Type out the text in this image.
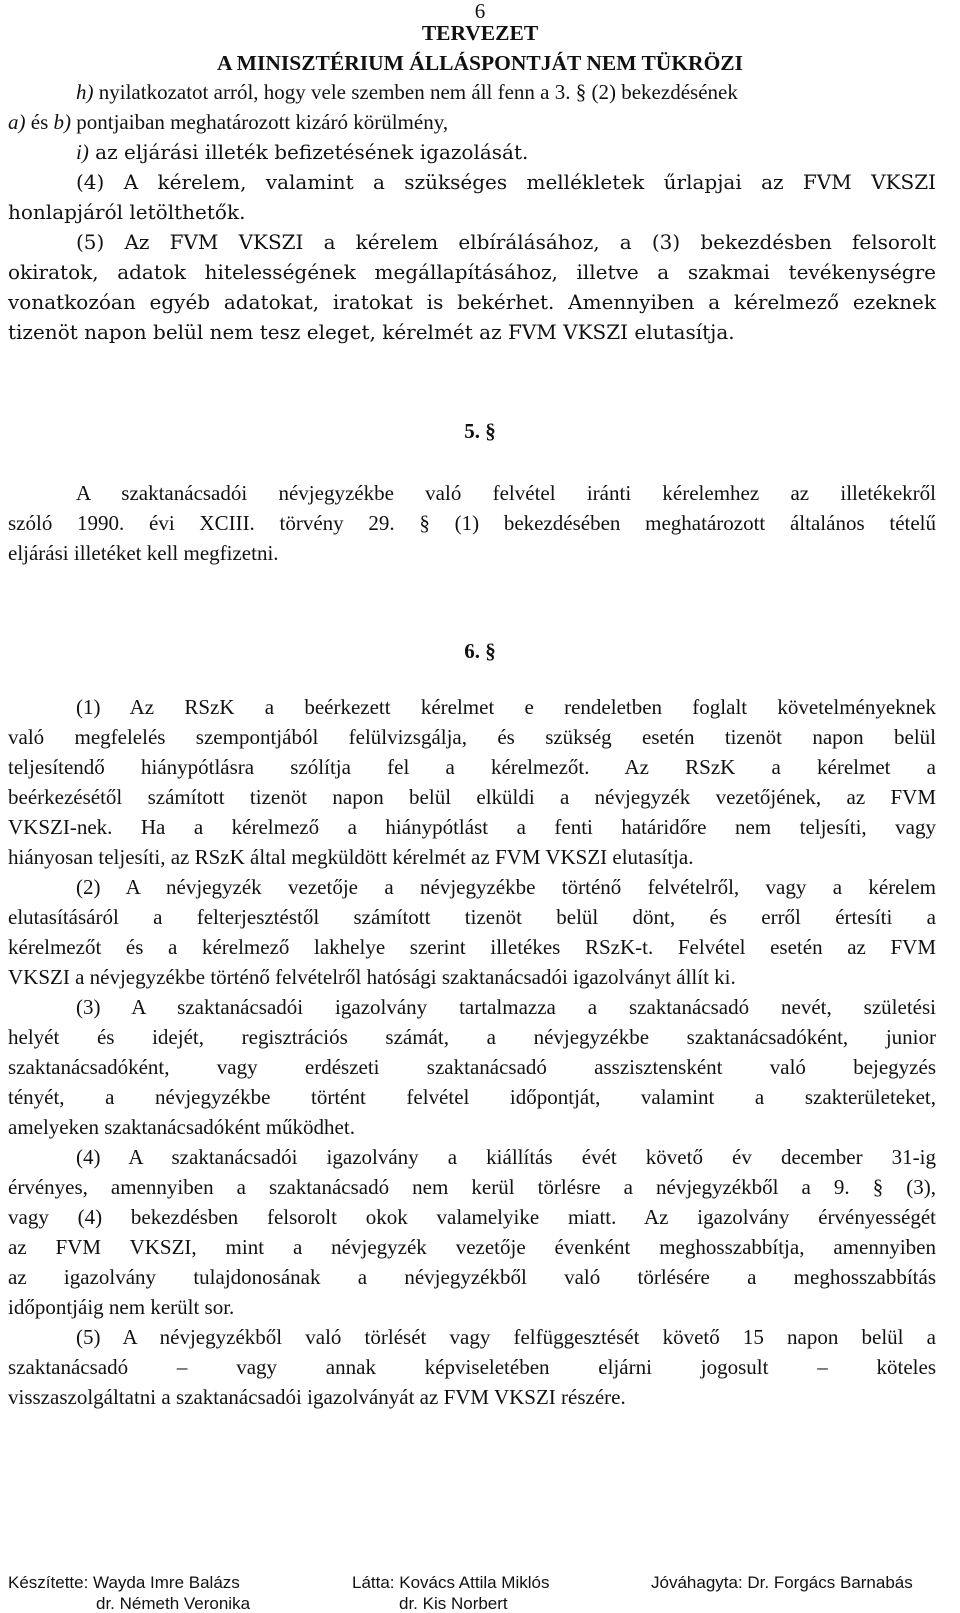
6
TERVEZET
A MINISZTÉRIUM ÁLLÁSPONTJÁT NEM TÜKRÖZI
h) nyilatkozatot arról, hogy vele szemben nem áll fenn a 3. § (2) bekezdésének
a) és b) pontjaiban meghatározott kizáró körülmény,
i) az eljárási illeték befizetésének igazolását.
(4) A kérelem, valamint a szükséges mellékletek űrlapjai az FVM VKSZI
honlapjáról letölthetők.
(5) Az FVM VKSZI a kérelem elbírálásához, a (3) bekezdésben felsorolt
okiratok, adatok hitelességének megállapításához, illetve a szakmai tevékenységre
vonatkozóan egyéb adatokat, iratokat is bekérhet. Amennyiben a kérelmező ezeknek
tizenöt napon belül nem tesz eleget, kérelmét az FVM VKSZI elutasítja.
5. §
A szaktanácsadói névjegyzékbe való felvétel iránti kérelemhez az illetékekről
szóló 1990. évi XCIII. törvény 29. § (1) bekezdésében meghatározott általános tételű
eljárási illetéket kell megfizetni.
6. §
(1) Az RSzK a beérkezett kérelmet e rendeletben foglalt követelményeknek
való megfelelés szempontjából felülvizsgálja, és szükség esetén tizenöt napon belül
teljesítendő hiánypótlásra szólítja fel a kérelmezőt. Az RSzK a kérelmet a
beérkezésétől számított tizenöt napon belül elküldi a névjegyzék vezetőjének, az FVM
VKSZI-nek. Ha a kérelmező a hiánypótlást a fenti határidőre nem teljesíti, vagy
hiányosan teljesíti, az RSzK által megküldött kérelmét az FVM VKSZI elutasítja.
(2) A névjegyzék vezetője a névjegyzékbe történő felvételről, vagy a kérelem
elutasításáról a felterjesztéstől számított tizenöt belül dönt, és erről értesíti a
kérelmezőt és a kérelmező lakhelye szerint illetékes RSzK-t. Felvétel esetén az FVM
VKSZI a névjegyzékbe történő felvételről hatósági szaktanácsadói igazolványt állít ki.
(3) A szaktanácsadói igazolvány tartalmazza a szaktanácsadó nevét, születési
helyét és idejét, regisztrációs számát, a névjegyzékbe szaktanácsadóként, junior
szaktanácsadóként, vagy erdészeti szaktanácsadó asszisztensként való bejegyzés
tényét, a névjegyzékbe történt felvétel időpontját, valamint a szakterületeket,
amelyeken szaktanácsadóként működhet.
(4) A szaktanácsadói igazolvány a kiállítás évét követő év december 31-ig
érvényes, amennyiben a szaktanácsadó nem kerül törlésre a névjegyzékből a 9. § (3),
vagy (4) bekezdésben felsorolt okok valamelyike miatt. Az igazolvány érvényességét
az FVM VKSZI, mint a névjegyzék vezetője évenként meghosszabbítja, amennyiben
az igazolvány tulajdonosának a névjegyzékből való törlésére a meghosszabbítás
időpontjáig nem került sor.
(5) A névjegyzékből való törlését vagy felfüggesztését követő 15 napon belül a
szaktanácsadó – vagy annak képviseletében eljárni jogosult – köteles
visszaszolgáltatni a szaktanácsadói igazolványát az FVM VKSZI részére.
Készítette: Wayda Imre Balázs	Látta: Kovács Attila Miklós	Jóváhagyta: Dr. Forgács Barnabás
dr. Németh Veronika	dr. Kis Norbert
